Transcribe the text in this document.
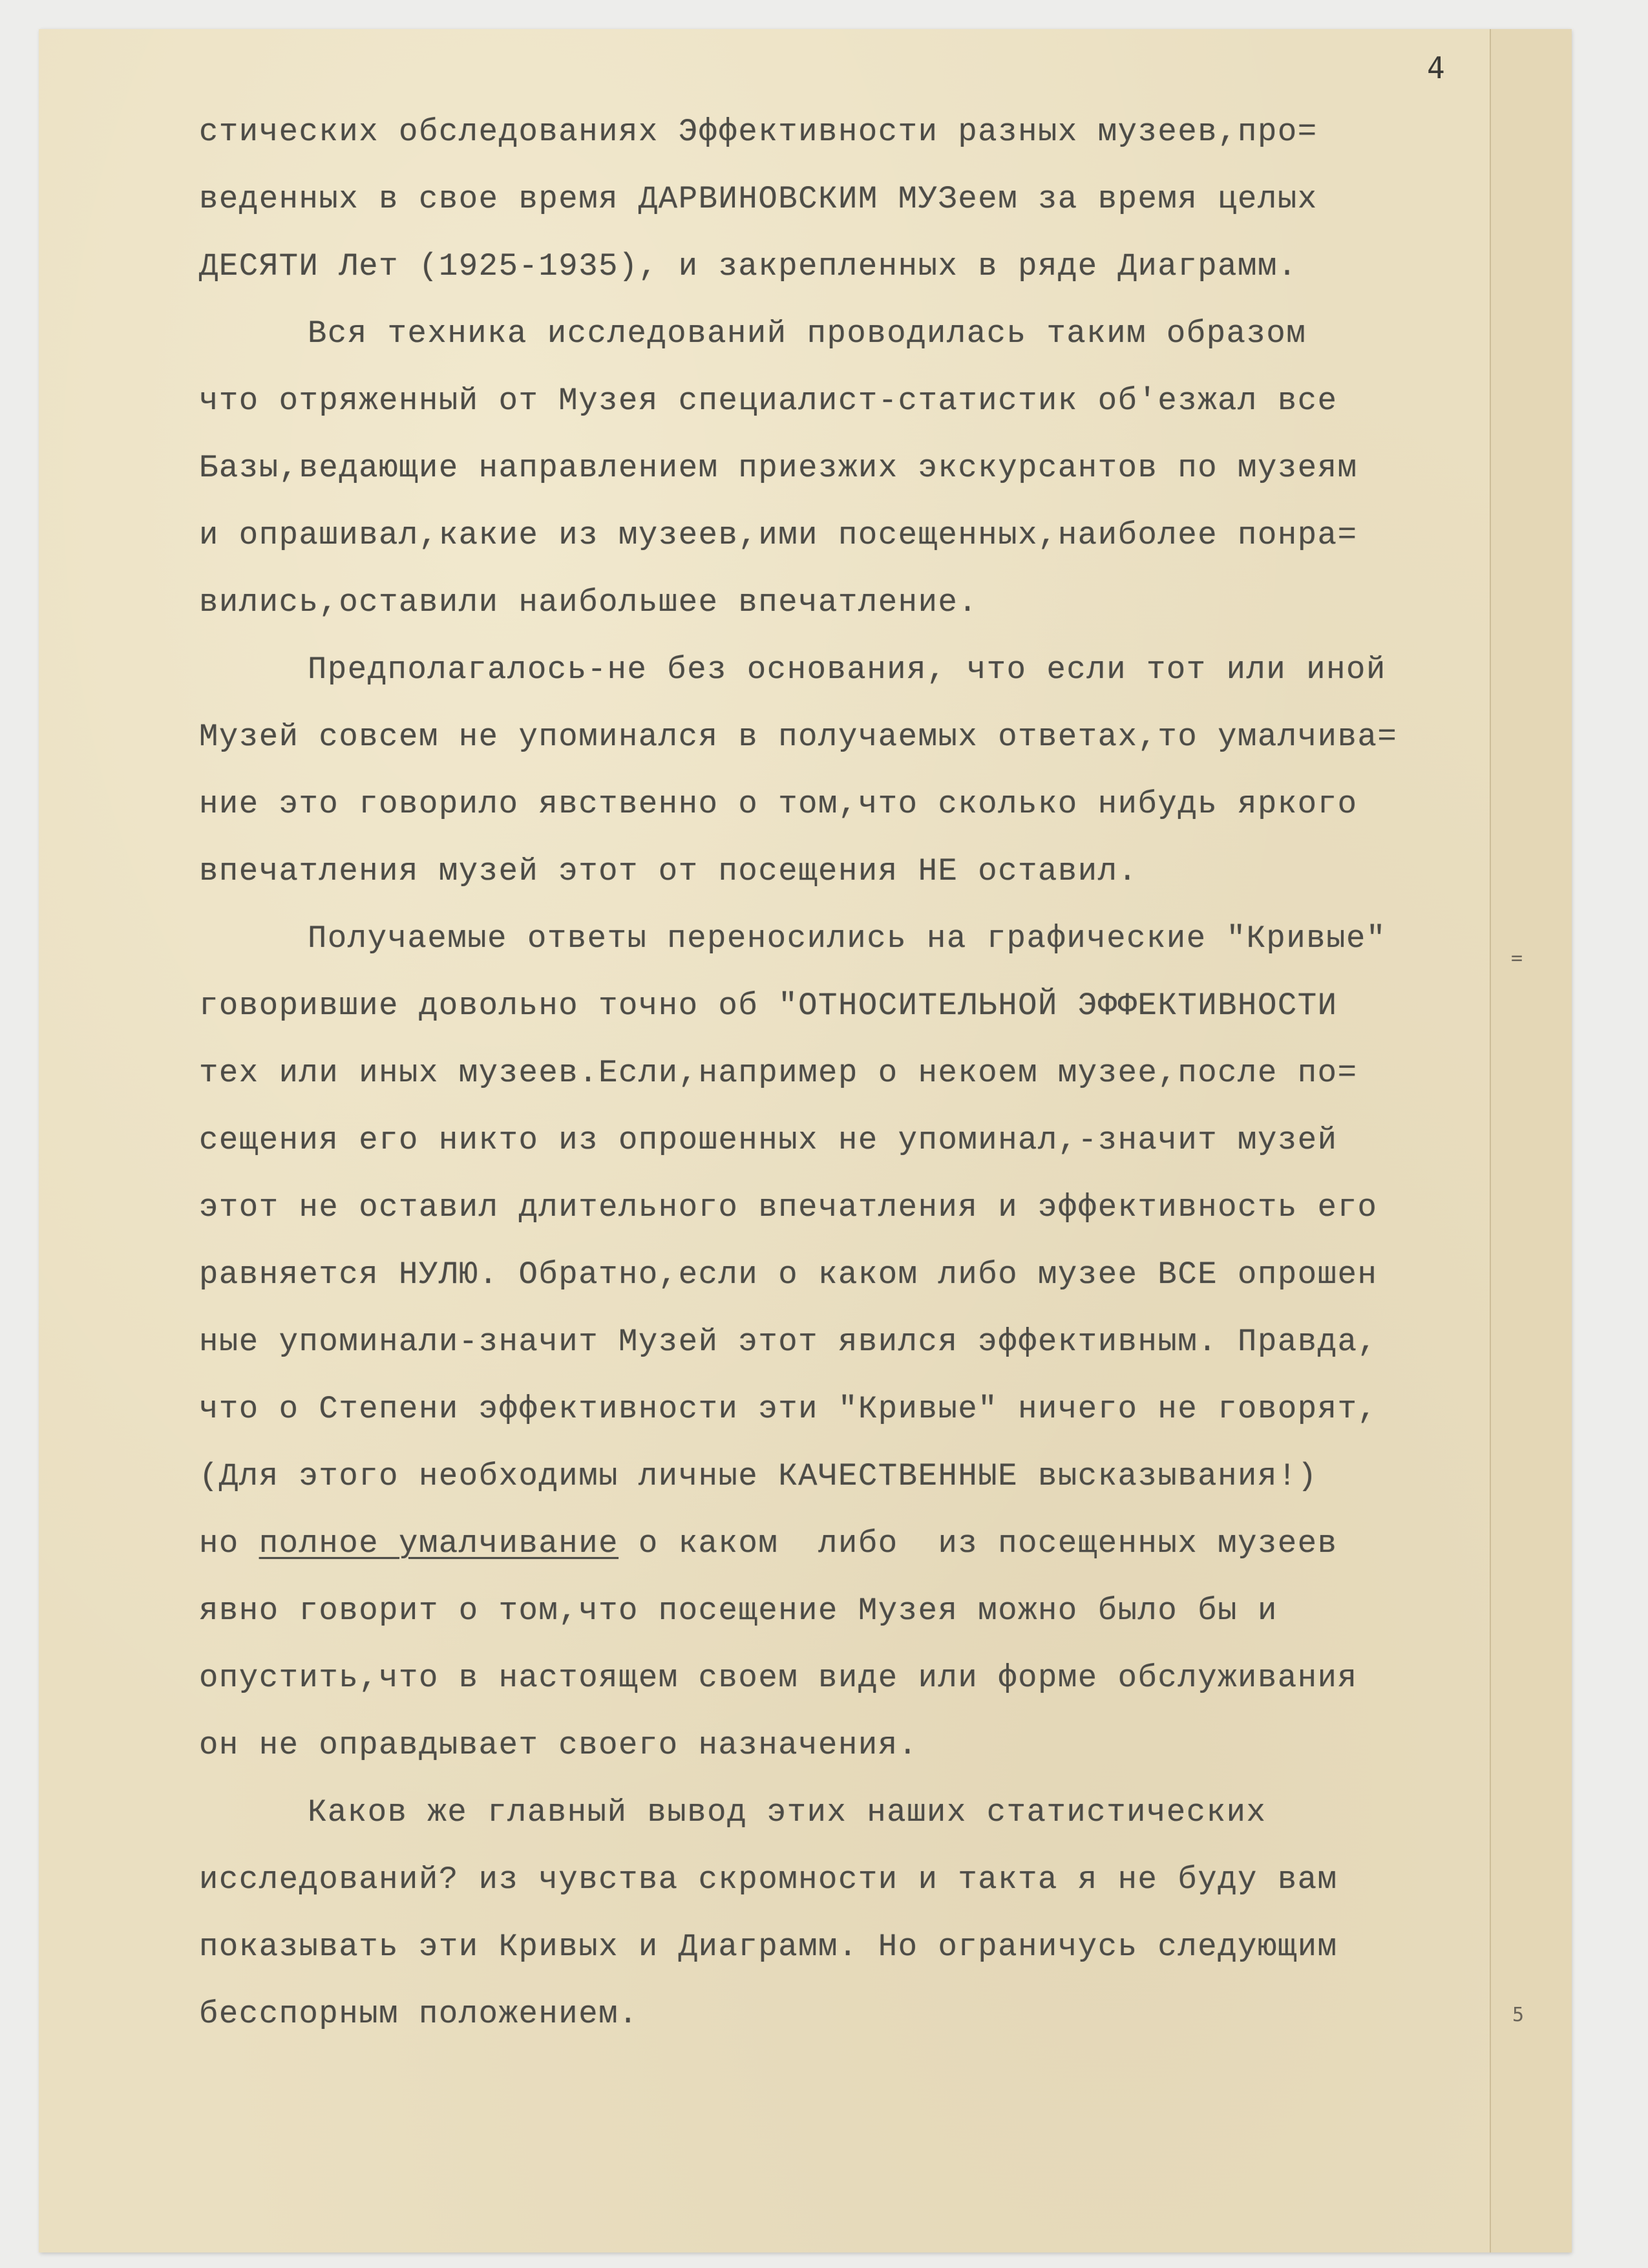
4
=
5
стических обследованиях Эффективности разных музеев,про=
веденных в свое время ДАРВИНОВСКИМ МУЗеем за время целых
ДЕСЯТИ Лет (1925-1935), и закрепленных в ряде Диаграмм.
Вся техника исследований проводилась таким образом
что отряженный от Музея специалист-статистик об'езжал все
Базы,ведающие направлением приезжих экскурсантов по музеям
и опрашивал,какие из музеев,ими посещенных,наиболее понра=
вились,оставили наибольшее впечатление.
Предполагалось-не без основания, что если тот или иной
Музей совсем не упоминался в получаемых ответах,то умалчива=
ние это говорило явственно о том,что сколько нибудь яркого
впечатления музей этот от посещения НЕ оставил.
Получаемые ответы переносились на графические "Кривые"
говорившие довольно точно об "ОТНОСИТЕЛЬНОЙ ЭФФЕКТИВНОСТИ
тех или иных музеев.Если,например о некоем музее,после по=
сещения его никто из опрошенных не упоминал,-значит музей
этот не оставил длительного впечатления и эффективность его
равняется НУЛЮ. Обратно,если о каком либо музее ВСЕ опрошен
ные упоминали-значит Музей этот явился эффективным. Правда,
что о Степени эффективности эти "Кривые" ничего не говорят,
(Для этого необходимы личные КАЧЕСТВЕННЫЕ высказывания!)
но полное умалчивание о каком  либо  из посещенных музеев
явно говорит о том,что посещение Музея можно было бы и
опустить,что в настоящем своем виде или форме обслуживания
он не оправдывает своего назначения.
Каков же главный вывод этих наших статистических
исследований? из чувства скромности и такта я не буду вам
показывать эти Кривых и Диаграмм. Но ограничусь следующим
бесспорным положением.
